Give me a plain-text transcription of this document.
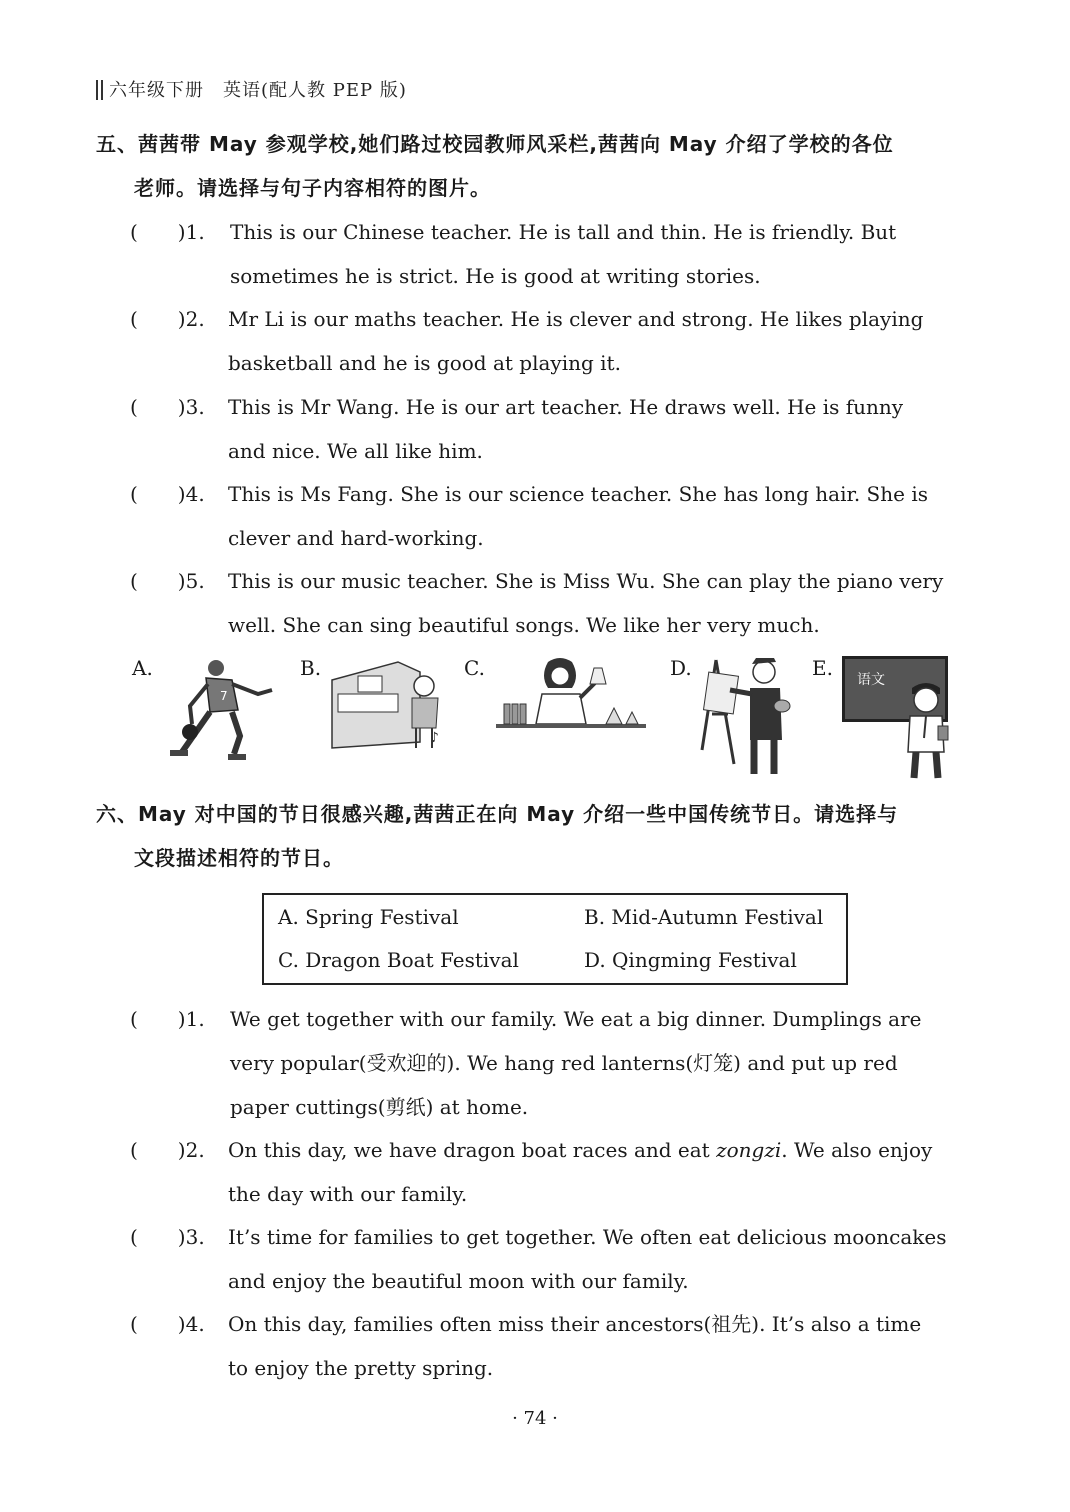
六年级下册　英语(配人教 PEP 版)
五、茜茜带 May 参观学校,她们路过校园教师风采栏,茜茜向 May 介绍了学校的各位
老师。请选择与句子内容相符的图片。
(　　)1. This is our Chinese teacher. He is tall and thin. He is friendly. But
sometimes he is strict. He is good at writing stories.
(　　)2. Mr Li is our maths teacher. He is clever and strong. He likes playing
basketball and he is good at playing it.
(　　)3. This is Mr Wang. He is our art teacher. He draws well. He is funny
and nice. We all like him.
(　　)4. This is Ms Fang. She is our science teacher. She has long hair. She is
clever and hard-working.
(　　)5. This is our music teacher. She is Miss Wu. She can play the piano very
well. She can sing beautiful songs. We like her very much.
A.
7
B.
♪
C.	D.	E. 语文
六、May 对中国的节日很感兴趣,茜茜正在向 May 介绍一些中国传统节日。请选择与
文段描述相符的节日。
A. Spring Festival	B. Mid-Autumn Festival
C. Dragon Boat Festival	D. Qingming Festival
(　　)1. We get together with our family. We eat a big dinner. Dumplings are
very popular(受欢迎的). We hang red lanterns(灯笼) and put up red
paper cuttings(剪纸) at home.
(　　)2. On this day, we have dragon boat races and eat zongzi. We also enjoy
the day with our family.
(　　)3. It’s time for families to get together. We often eat delicious mooncakes
and enjoy the beautiful moon with our family.
(　　)4. On this day, families often miss their ancestors(祖先). It’s also a time
to enjoy the pretty spring.
· 74 ·
